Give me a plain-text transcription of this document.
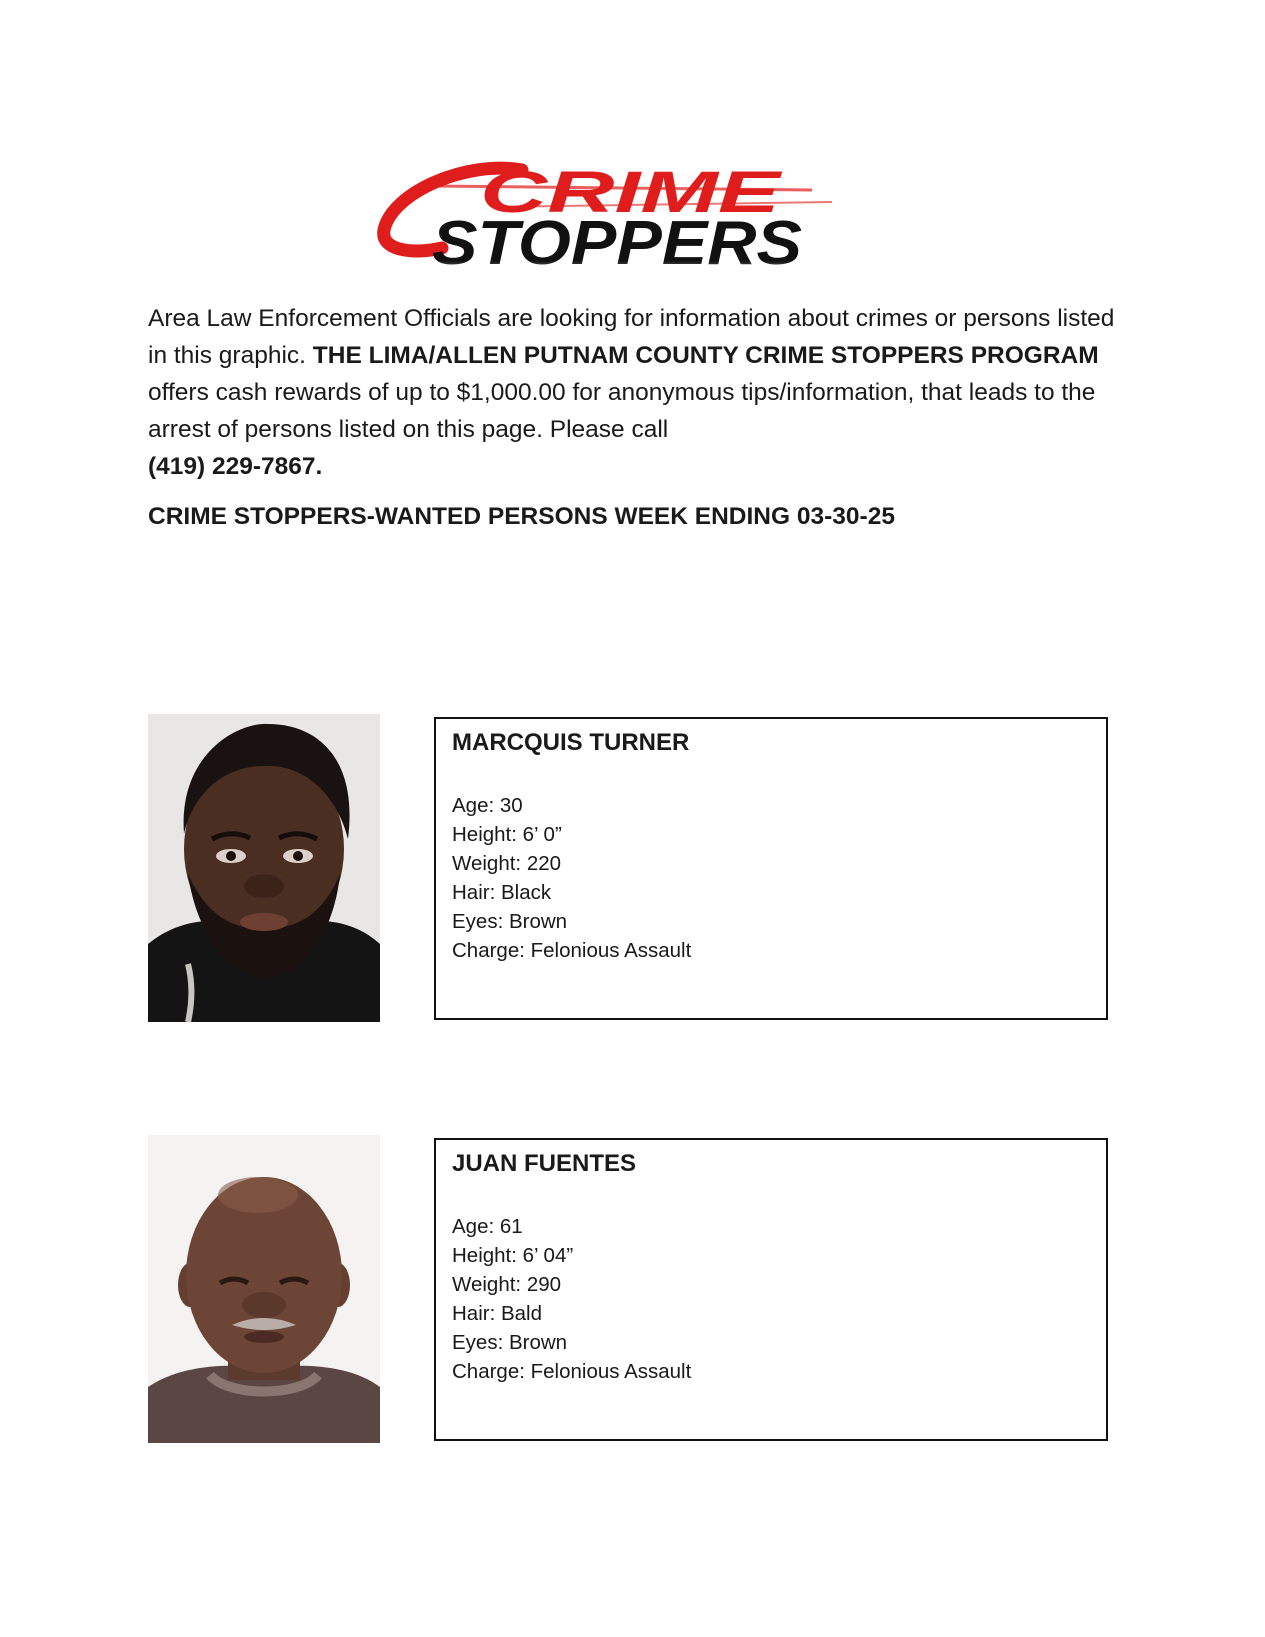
CRIME
STOPPERS
Area Law Enforcement Officials are looking for information about crimes or persons listed in this graphic. THE LIMA/ALLEN PUTNAM COUNTY CRIME STOPPERS PROGRAM offers cash rewards of up to $1,000.00 for anonymous tips/information, that leads to the arrest of persons listed on this page. Please call
(419) 229-7867.
CRIME STOPPERS-WANTED PERSONS WEEK ENDING 03-30-25
MARCQUIS TURNER
Age: 30
Height: 6’ 0”
Weight: 220
Hair: Black
Eyes: Brown
Charge: Felonious Assault
JUAN FUENTES
Age: 61
Height: 6’ 04”
Weight: 290
Hair: Bald
Eyes: Brown
Charge: Felonious Assault
